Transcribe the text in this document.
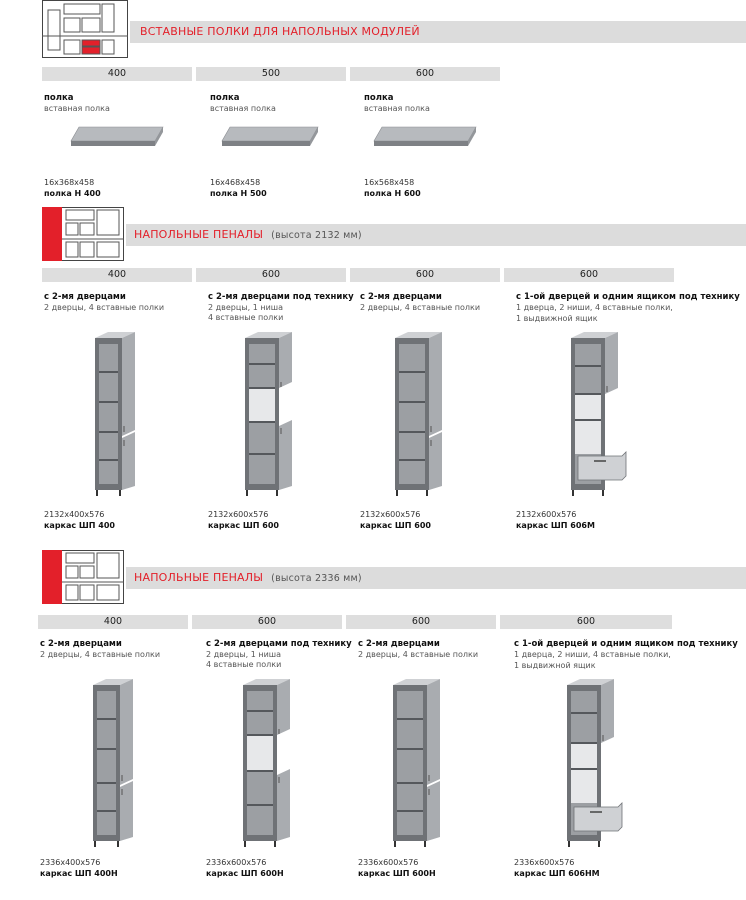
ВСТАВНЫЕ ПОЛКИ ДЛЯ НАПОЛЬНЫХ МОДУЛЕЙ
400
полка
вставная полка
16х368х458
полка Н 400
500
полка
вставная полка
16х468х458
полка Н 500
600
полка
вставная полка
16х568х458
полка Н 600
НАПОЛЬНЫЕ ПЕНАЛЫ (высота 2132 мм)
400
с 2-мя дверцами
2 дверцы, 4 вставные полки
2132х400х576
каркас ШП 400
600
с 2-мя дверцами под технику
2 дверцы, 1 ниша
4 вставные полки
2132х600х576
каркас ШП 600
600
с 2-мя дверцами
2 дверцы, 4 вставные полки
2132х600х576
каркас ШП 600
600
с 1-ой дверцей и одним ящиком под технику
1 дверца, 2 ниши, 4 вставные полки,
1 выдвижной ящик
2132х600х576
каркас ШП 606М
НАПОЛЬНЫЕ ПЕНАЛЫ (высота 2336 мм)
400
с 2-мя дверцами
2 дверцы, 4 вставные полки
2336х400х576
каркас ШП 400Н
600
с 2-мя дверцами под технику
2 дверцы, 1 ниша
4 вставные полки
2336х600х576
каркас ШП 600Н
600
с 2-мя дверцами
2 дверцы, 4 вставные полки
2336х600х576
каркас ШП 600Н
600
с 1-ой дверцей и одним ящиком под технику
1 дверца, 2 ниши, 4 вставные полки,
1 выдвижной ящик
2336х600х576
каркас ШП 606НМ
